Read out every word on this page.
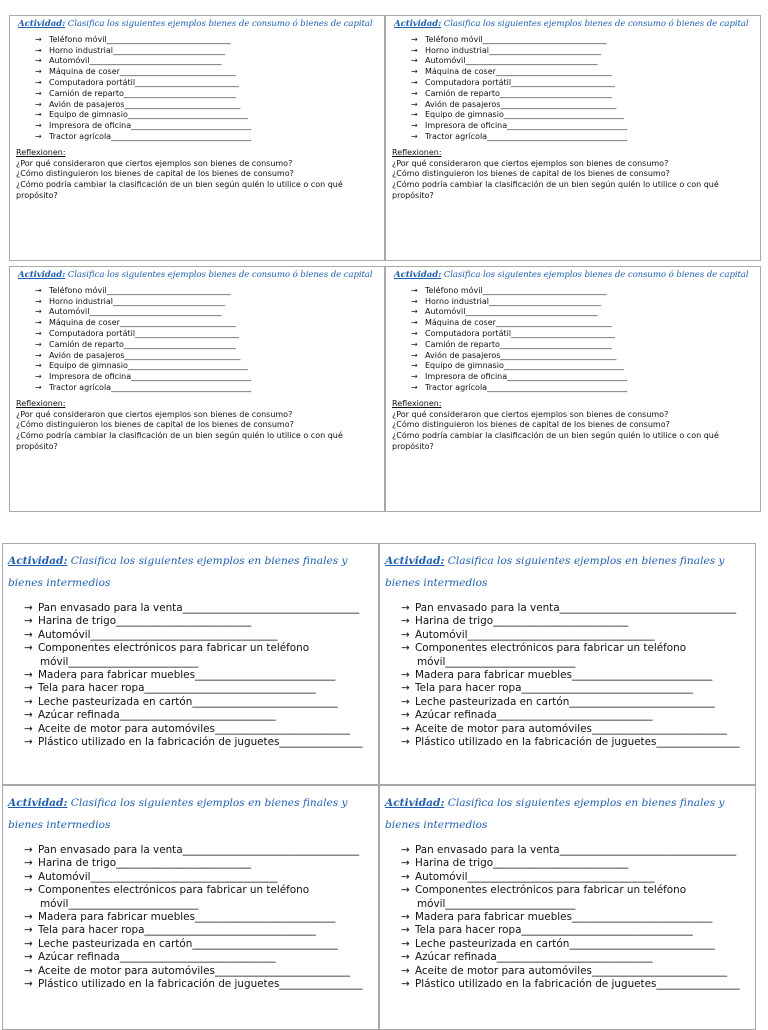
Actividad: Clasifica los siguientes ejemplos bienes de consumo ó bienes de capital
→ Teléfono móvil_______________________________
→ Horno industrial____________________________
→ Automóvil_________________________________
→ Máquina de coser_____________________________
→ Computadora portátil__________________________
→ Camión de reparto____________________________
→ Avión de pasajeros_____________________________
→ Equipo de gimnasio______________________________
→ Impresora de oficina______________________________
→ Tractor agrícola___________________________________
Reflexionen:
¿Por qué consideraron que ciertos ejemplos son bienes de consumo?
¿Cómo distinguieron los bienes de capital de los bienes de consumo?
¿Cómo podría cambiar la clasificación de un bien según quién lo utilice o con qué propósito?
Actividad: Clasifica los siguientes ejemplos bienes de consumo ó bienes de capital
→ Teléfono móvil_______________________________
→ Horno industrial____________________________
→ Automóvil_________________________________
→ Máquina de coser_____________________________
→ Computadora portátil__________________________
→ Camión de reparto____________________________
→ Avión de pasajeros_____________________________
→ Equipo de gimnasio______________________________
→ Impresora de oficina______________________________
→ Tractor agrícola___________________________________
Reflexionen:
¿Por qué consideraron que ciertos ejemplos son bienes de consumo?
¿Cómo distinguieron los bienes de capital de los bienes de consumo?
¿Cómo podría cambiar la clasificación de un bien según quién lo utilice o con qué propósito?
Actividad: Clasifica los siguientes ejemplos bienes de consumo ó bienes de capital
→ Teléfono móvil_______________________________
→ Horno industrial____________________________
→ Automóvil_________________________________
→ Máquina de coser_____________________________
→ Computadora portátil__________________________
→ Camión de reparto____________________________
→ Avión de pasajeros_____________________________
→ Equipo de gimnasio______________________________
→ Impresora de oficina______________________________
→ Tractor agrícola___________________________________
Reflexionen:
¿Por qué consideraron que ciertos ejemplos son bienes de consumo?
¿Cómo distinguieron los bienes de capital de los bienes de consumo?
¿Cómo podría cambiar la clasificación de un bien según quién lo utilice o con qué propósito?
Actividad: Clasifica los siguientes ejemplos bienes de consumo ó bienes de capital
→ Teléfono móvil_______________________________
→ Horno industrial____________________________
→ Automóvil_________________________________
→ Máquina de coser_____________________________
→ Computadora portátil__________________________
→ Camión de reparto____________________________
→ Avión de pasajeros_____________________________
→ Equipo de gimnasio______________________________
→ Impresora de oficina______________________________
→ Tractor agrícola___________________________________
Reflexionen:
¿Por qué consideraron que ciertos ejemplos son bienes de consumo?
¿Cómo distinguieron los bienes de capital de los bienes de consumo?
¿Cómo podría cambiar la clasificación de un bien según quién lo utilice o con qué propósito?
Actividad: Clasifica los siguientes ejemplos en bienes finales y bienes intermedios
→ Pan envasado para la venta__________________________________
→ Harina de trigo__________________________
→ Automóvil____________________________________
→ Componentes electrónicos para fabricar un teléfono
móvil_________________________
→ Madera para fabricar muebles___________________________
→ Tela para hacer ropa_________________________________
→ Leche pasteurizada en cartón____________________________
→ Azúcar refinada______________________________
→ Aceite de motor para automóviles__________________________
→ Plástico utilizado en la fabricación de juguetes________________
Actividad: Clasifica los siguientes ejemplos en bienes finales y bienes intermedios
→ Pan envasado para la venta__________________________________
→ Harina de trigo__________________________
→ Automóvil____________________________________
→ Componentes electrónicos para fabricar un teléfono
móvil_________________________
→ Madera para fabricar muebles___________________________
→ Tela para hacer ropa_________________________________
→ Leche pasteurizada en cartón____________________________
→ Azúcar refinada______________________________
→ Aceite de motor para automóviles__________________________
→ Plástico utilizado en la fabricación de juguetes________________
Actividad: Clasifica los siguientes ejemplos en bienes finales y bienes intermedios
→ Pan envasado para la venta__________________________________
→ Harina de trigo__________________________
→ Automóvil____________________________________
→ Componentes electrónicos para fabricar un teléfono
móvil_________________________
→ Madera para fabricar muebles___________________________
→ Tela para hacer ropa_________________________________
→ Leche pasteurizada en cartón____________________________
→ Azúcar refinada______________________________
→ Aceite de motor para automóviles__________________________
→ Plástico utilizado en la fabricación de juguetes________________
Actividad: Clasifica los siguientes ejemplos en bienes finales y bienes intermedios
→ Pan envasado para la venta__________________________________
→ Harina de trigo__________________________
→ Automóvil____________________________________
→ Componentes electrónicos para fabricar un teléfono
móvil_________________________
→ Madera para fabricar muebles___________________________
→ Tela para hacer ropa_________________________________
→ Leche pasteurizada en cartón____________________________
→ Azúcar refinada______________________________
→ Aceite de motor para automóviles__________________________
→ Plástico utilizado en la fabricación de juguetes________________
